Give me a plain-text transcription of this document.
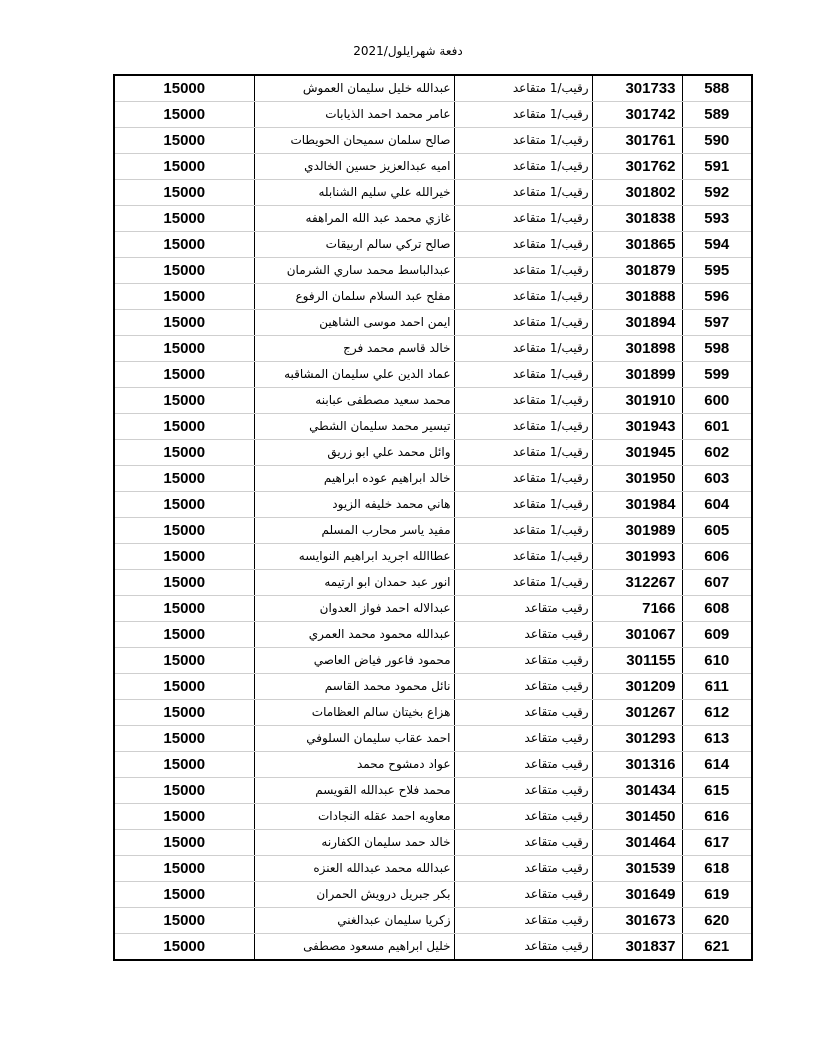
دفعة شهرايلول/2021
15000	عبدالله خليل سليمان العموش	رقيب/1 متقاعد	301733	588
15000	عامر محمد احمد الذيابات	رقيب/1 متقاعد	301742	589
15000	صالح سلمان سميحان الحويطات	رقيب/1 متقاعد	301761	590
15000	اميه عبدالعزيز حسين الخالدي	رقيب/1 متقاعد	301762	591
15000	خيرالله علي سليم الشنابله	رقيب/1 متقاعد	301802	592
15000	غازي محمد عبد الله المراهفه	رقيب/1 متقاعد	301838	593
15000	صالح تركي سالم اربيقات	رقيب/1 متقاعد	301865	594
15000	عبدالباسط محمد ساري الشرمان	رقيب/1 متقاعد	301879	595
15000	مفلح عبد السلام سلمان الرفوع	رقيب/1 متقاعد	301888	596
15000	ايمن احمد موسى الشاهين	رقيب/1 متقاعد	301894	597
15000	خالد قاسم محمد فرج	رقيب/1 متقاعد	301898	598
15000	عماد الدين علي سليمان المشاقبه	رقيب/1 متقاعد	301899	599
15000	محمد سعيد مصطفى عبابنه	رقيب/1 متقاعد	301910	600
15000	تيسير محمد سليمان الشطي	رقيب/1 متقاعد	301943	601
15000	وائل محمد علي ابو زريق	رقيب/1 متقاعد	301945	602
15000	خالد ابراهيم عوده ابراهيم	رقيب/1 متقاعد	301950	603
15000	هاني محمد خليفه الزيود	رقيب/1 متقاعد	301984	604
15000	مفيد ياسر محارب المسلم	رقيب/1 متقاعد	301989	605
15000	عطاالله اجريد ابراهيم النوايسه	رقيب/1 متقاعد	301993	606
15000	انور عبد حمدان ابو ارتيمه	رقيب/1 متقاعد	312267	607
15000	عبدالاله احمد فواز العدوان	رقيب متقاعد	7166	608
15000	عبدالله محمود محمد العمري	رقيب متقاعد	301067	609
15000	محمود فاعور فياض العاصي	رقيب متقاعد	301155	610
15000	نائل محمود محمد القاسم	رقيب متقاعد	301209	611
15000	هزاع بخيتان سالم العظامات	رقيب متقاعد	301267	612
15000	احمد عقاب سليمان السلوفي	رقيب متقاعد	301293	613
15000	عواد دمشوح محمد	رقيب متقاعد	301316	614
15000	محمد فلاح عبدالله القويسم	رقيب متقاعد	301434	615
15000	معاويه احمد عقله النجادات	رقيب متقاعد	301450	616
15000	خالد حمد سليمان الكفارنه	رقيب متقاعد	301464	617
15000	عبدالله محمد عبدالله العنزه	رقيب متقاعد	301539	618
15000	بكر جبريل درويش الحمران	رقيب متقاعد	301649	619
15000	زكريا سليمان عبدالغني	رقيب متقاعد	301673	620
15000	خليل ابراهيم مسعود مصطفى	رقيب متقاعد	301837	621
